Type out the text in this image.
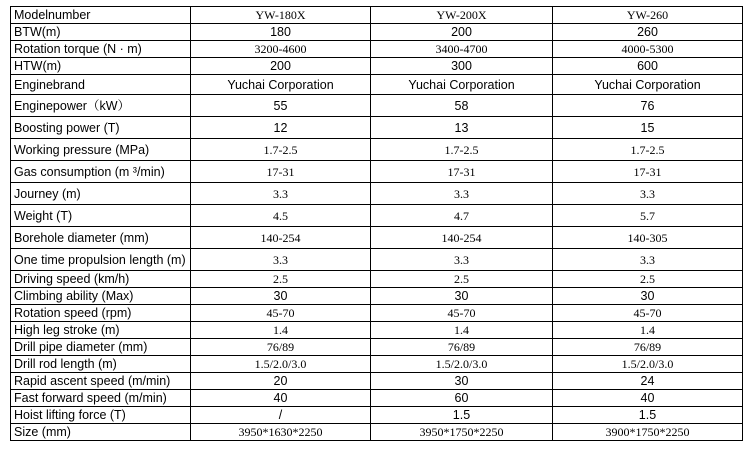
Modelnumber	YW-180X	YW-200X	YW-260
BTW(m)	180	200	260
Rotation torque (N · m)	3200-4600	3400-4700	4000-5300
HTW(m)	200	300	600
Enginebrand	Yuchai Corporation	Yuchai Corporation	Yuchai Corporation
Enginepower（kW）	55	58	76
Boosting power (T)	12	13	15
Working pressure (MPa)	1.7-2.5	1.7-2.5	1.7-2.5
Gas consumption (m ³/min)	17-31	17-31	17-31
Journey (m)	3.3	3.3	3.3
Weight (T)	4.5	4.7	5.7
Borehole diameter (mm)	140-254	140-254	140-305
One time propulsion length (m)	3.3	3.3	3.3
Driving speed (km/h)	2.5	2.5	2.5
Climbing ability (Max)	30	30	30
Rotation speed (rpm)	45-70	45-70	45-70
High leg stroke (m)	1.4	1.4	1.4
Drill pipe diameter (mm)	76/89	76/89	76/89
Drill rod length (m)	1.5/2.0/3.0	1.5/2.0/3.0	1.5/2.0/3.0
Rapid ascent speed (m/min)	20	30	24
Fast forward speed (m/min)	40	60	40
Hoist lifting force (T)	/	1.5	1.5
Size (mm)	3950*1630*2250	3950*1750*2250	3900*1750*2250
